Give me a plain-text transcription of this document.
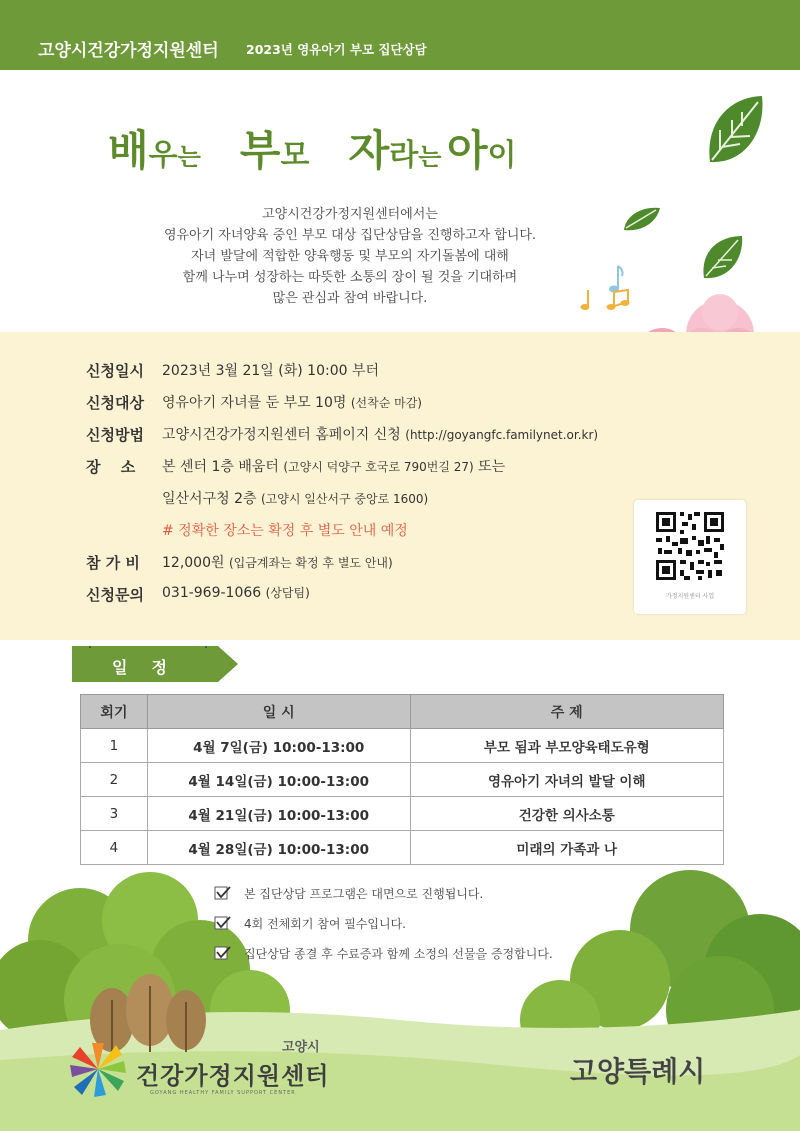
고양시건강가정지원센터 2023년 영유아기 부모 집단상담
배우는 부모 자라는 아이
고양시건강가정지원센터에서는
영유아기 자녀양육 중인 부모 대상 집단상담을 진행하고자 합니다.
자녀 발달에 적합한 양육행동 및 부모의 자기돌봄에 대해
함께 나누며 성장하는 따뜻한 소통의 장이 될 것을 기대하며
많은 관심과 참여 바랍니다.
신청일시	2023년 3월 21일 (화) 10:00 부터
신청대상	영유아기 자녀를 둔 부모 10명 (선착순 마감)
신청방법	고양시건강가정지원센터 홈페이지 신청 (http://goyangfc.familynet.or.kr)
장　 소	본 센터 1층 배움터 (고양시 덕양구 호국로 790번길 27) 또는
일산서구청 2층 (고양시 일산서구 중앙로 1600)
# 정확한 장소는 확정 후 별도 안내 예정
참 가 비	12,000원 (입금계좌는 확정 후 별도 안내)
신청문의	031-969-1066 (상담팀)	가정지원센터 사업
일정
회기	일 시	주 제
1	4월 7일(금) 10:00-13:00	부모 됨과 부모양육태도유형
2	4월 14일(금) 10:00-13:00	영유아기 자녀의 발달 이해
3	4월 21일(금) 10:00-13:00	건강한 의사소통
4	4월 28일(금) 10:00-13:00	미래의 가족과 나
본 집단상담 프로그램은 대면으로 진행됩니다.
4회 전체회기 참여 필수입니다.
집단상담 종결 후 수료증과 함께 소정의 선물을 증정합니다.
고양시
건강가정지원센터
GOYANG HEALTHY FAMILY SUPPORT CENTER
고양특례시
